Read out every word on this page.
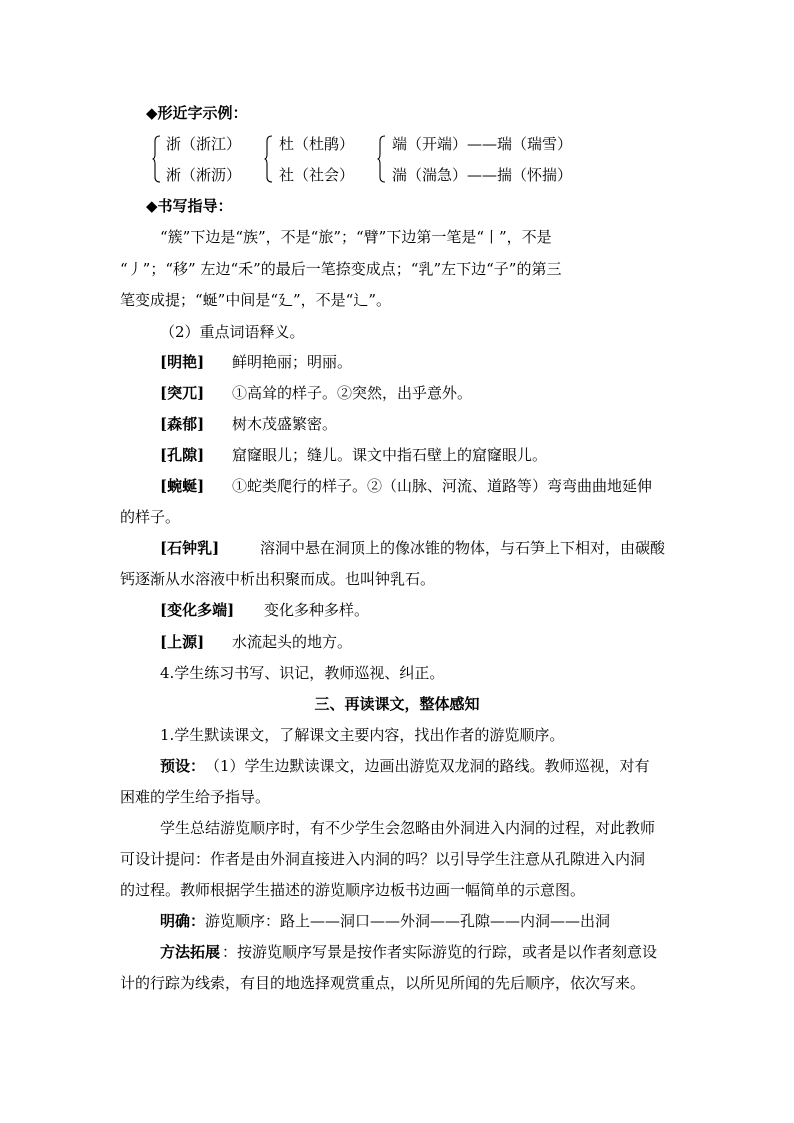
◆形近字示例：
浙（浙江）
淅（淅沥）
杜（杜鹃）
社（社会）
端（开端）——瑞（瑞雪）
湍（湍急）——揣（怀揣）
◆书写指导：
“簇”下边是“族”，不是“旅”；“臂”下边第一笔是“丨”，不是
“丿”；“移” 左边“禾”的最后一笔捺变成点；“乳”左下边“子”的第三
笔变成提；“蜒”中间是“廴”，不是“辶”。
（2）重点词语释义。
[明艳] 鲜明艳丽；明丽。
[突兀] ①高耸的样子。②突然，出乎意外。
[森郁] 树木茂盛繁密。
[孔隙] 窟窿眼儿；缝儿。课文中指石壁上的窟窿眼儿。
[蜿蜒] ①蛇类爬行的样子。②（山脉、河流、道路等）弯弯曲曲地延伸
的样子。
[石钟乳]	溶洞中悬在洞顶上的像冰锥的物体，与石笋上下相对，由碳酸
钙逐渐从水溶液中析出积聚而成。也叫钟乳石。
[变化多端] 变化多种多样。
[上源] 水流起头的地方。
4.学生练习书写、识记，教师巡视、纠正。
三、再读课文，整体感知
1.学生默读课文，了解课文主要内容，找出作者的游览顺序。
预设： （1）学生边默读课文，边画出游览双龙洞的路线。教师巡视，对有
困难的学生给予指导。
学生总结游览顺序时，有不少学生会忽略由外洞进入内洞的过程，对此教师
可设计提问：作者是由外洞直接进入内洞的吗？以引导学生注意从孔隙进入内洞
的过程。教师根据学生描述的游览顺序边板书边画一幅简单的示意图。
明确： 游览顺序：路上——洞口——外洞——孔隙——内洞——出洞
方法拓展 ：按游览顺序写景是按作者实际游览的行踪，或者是以作者刻意设
计的行踪为线索，有目的地选择观赏重点，以所见所闻的先后顺序，依次写来。
